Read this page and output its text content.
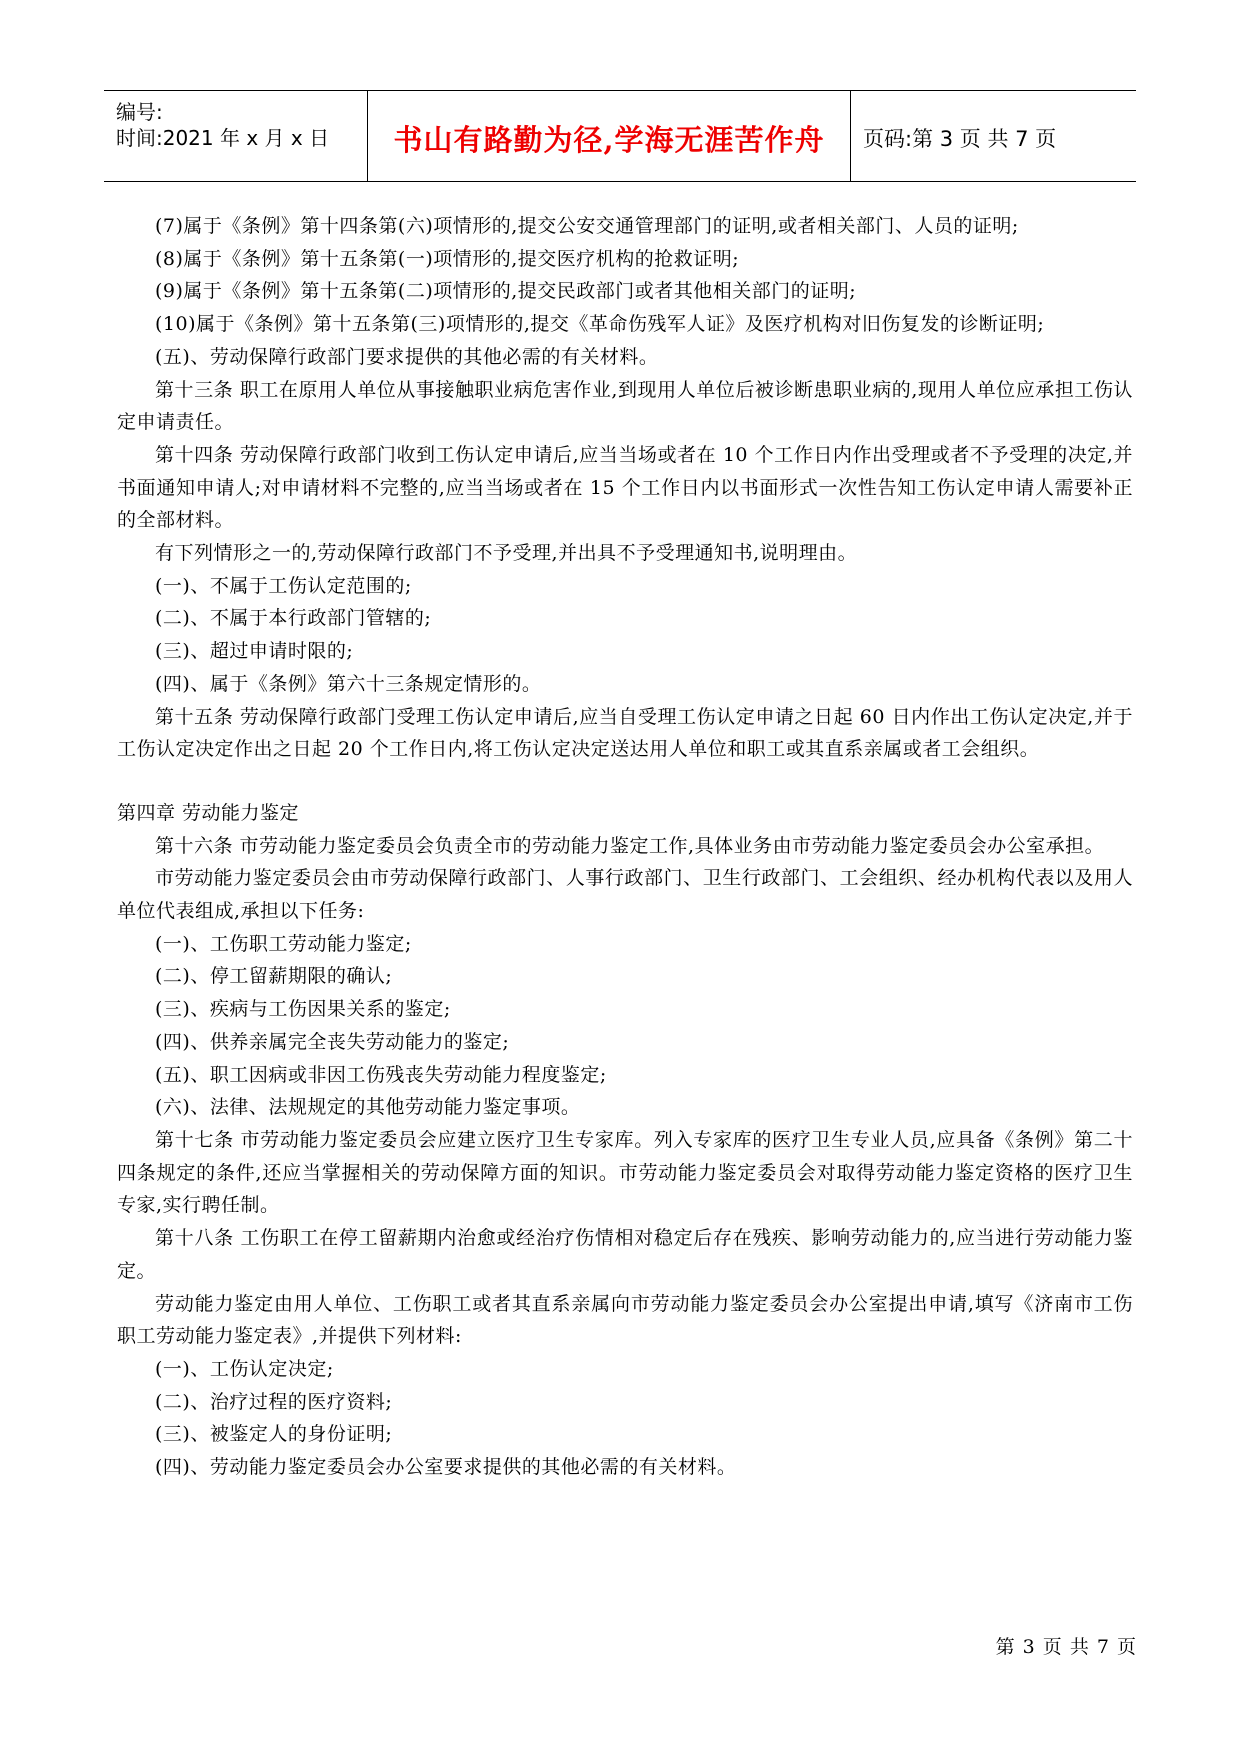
编号:
时间:2021 年 x 月 x 日	书山有路勤为径,学海无涯苦作舟	页码:第 3 页 共 7 页

(7)属于《条例》第十四条第(六)项情形的,提交公安交通管理部门的证明,或者相关部门、人员的证明;

(8)属于《条例》第十五条第(一)项情形的,提交医疗机构的抢救证明;

(9)属于《条例》第十五条第(二)项情形的,提交民政部门或者其他相关部门的证明;

(10)属于《条例》第十五条第(三)项情形的,提交《革命伤残军人证》及医疗机构对旧伤复发的诊断证明;

(五)、劳动保障行政部门要求提供的其他必需的有关材料。

第十三条 职工在原用人单位从事接触职业病危害作业,到现用人单位后被诊断患职业病的,现用人单位应承担工伤认定申请责任。

第十四条 劳动保障行政部门收到工伤认定申请后,应当当场或者在 10 个工作日内作出受理或者不予受理的决定,并书面通知申请人;对申请材料不完整的,应当当场或者在 15 个工作日内以书面形式一次性告知工伤认定申请人需要补正的全部材料。

有下列情形之一的,劳动保障行政部门不予受理,并出具不予受理通知书,说明理由。

(一)、不属于工伤认定范围的;

(二)、不属于本行政部门管辖的;

(三)、超过申请时限的;

(四)、属于《条例》第六十三条规定情形的。

第十五条 劳动保障行政部门受理工伤认定申请后,应当自受理工伤认定申请之日起 60 日内作出工伤认定决定,并于工伤认定决定作出之日起 20 个工作日内,将工伤认定决定送达用人单位和职工或其直系亲属或者工会组织。

第四章 劳动能力鉴定

第十六条 市劳动能力鉴定委员会负责全市的劳动能力鉴定工作,具体业务由市劳动能力鉴定委员会办公室承担。

市劳动能力鉴定委员会由市劳动保障行政部门、人事行政部门、卫生行政部门、工会组织、经办机构代表以及用人单位代表组成,承担以下任务:

(一)、工伤职工劳动能力鉴定;

(二)、停工留薪期限的确认;

(三)、疾病与工伤因果关系的鉴定;

(四)、供养亲属完全丧失劳动能力的鉴定;

(五)、职工因病或非因工伤残丧失劳动能力程度鉴定;

(六)、法律、法规规定的其他劳动能力鉴定事项。

第十七条 市劳动能力鉴定委员会应建立医疗卫生专家库。列入专家库的医疗卫生专业人员,应具备《条例》第二十四条规定的条件,还应当掌握相关的劳动保障方面的知识。市劳动能力鉴定委员会对取得劳动能力鉴定资格的医疗卫生专家,实行聘任制。

第十八条 工伤职工在停工留薪期内治愈或经治疗伤情相对稳定后存在残疾、影响劳动能力的,应当进行劳动能力鉴定。

劳动能力鉴定由用人单位、工伤职工或者其直系亲属向市劳动能力鉴定委员会办公室提出申请,填写《济南市工伤职工劳动能力鉴定表》,并提供下列材料:

(一)、工伤认定决定;

(二)、治疗过程的医疗资料;

(三)、被鉴定人的身份证明;

(四)、劳动能力鉴定委员会办公室要求提供的其他必需的有关材料。

第 3 页 共 7 页
